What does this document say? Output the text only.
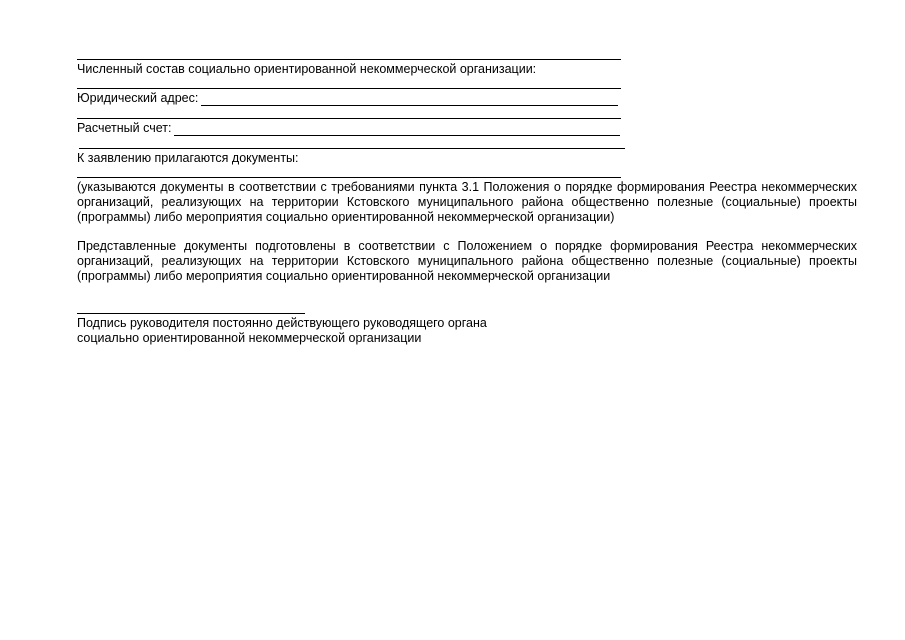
Численный состав социально ориентированной некоммерческой организации:
Юридический адрес:
Расчетный счет:
К заявлению прилагаются документы:
(указываются документы в соответствии с требованиями пункта 3.1 Положения о порядке формирования Реестра некоммерческих организаций, реализующих на территории Кстовского муниципального района общественно полезные (социальные) проекты (программы) либо мероприятия социально ориентированной некоммерческой организации)
Представленные документы подготовлены в соответствии с Положением о порядке формирования Реестра некоммерческих организаций, реализующих на территории Кстовского муниципального района общественно полезные (социальные) проекты (программы) либо мероприятия социально ориентированной некоммерческой организации
Подпись руководителя постоянно действующего руководящего органа
социально ориентированной некоммерческой организации
